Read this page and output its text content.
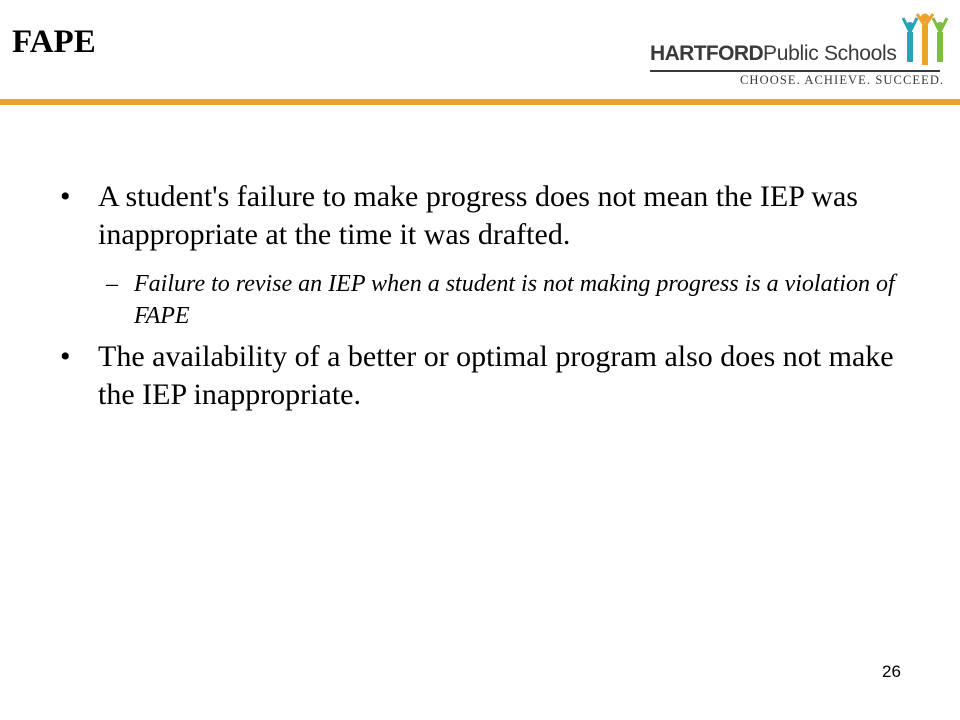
FAPE	HARTFORDPublic Schools
CHOOSE. ACHIEVE. SUCCEED.
• A student's failure to make progress does not mean the IEP was inappropriate at the time it was drafted.
– Failure to revise an IEP when a student is not making progress is a violation of FAPE
• The availability of a better or optimal program also does not make the IEP inappropriate.
26
